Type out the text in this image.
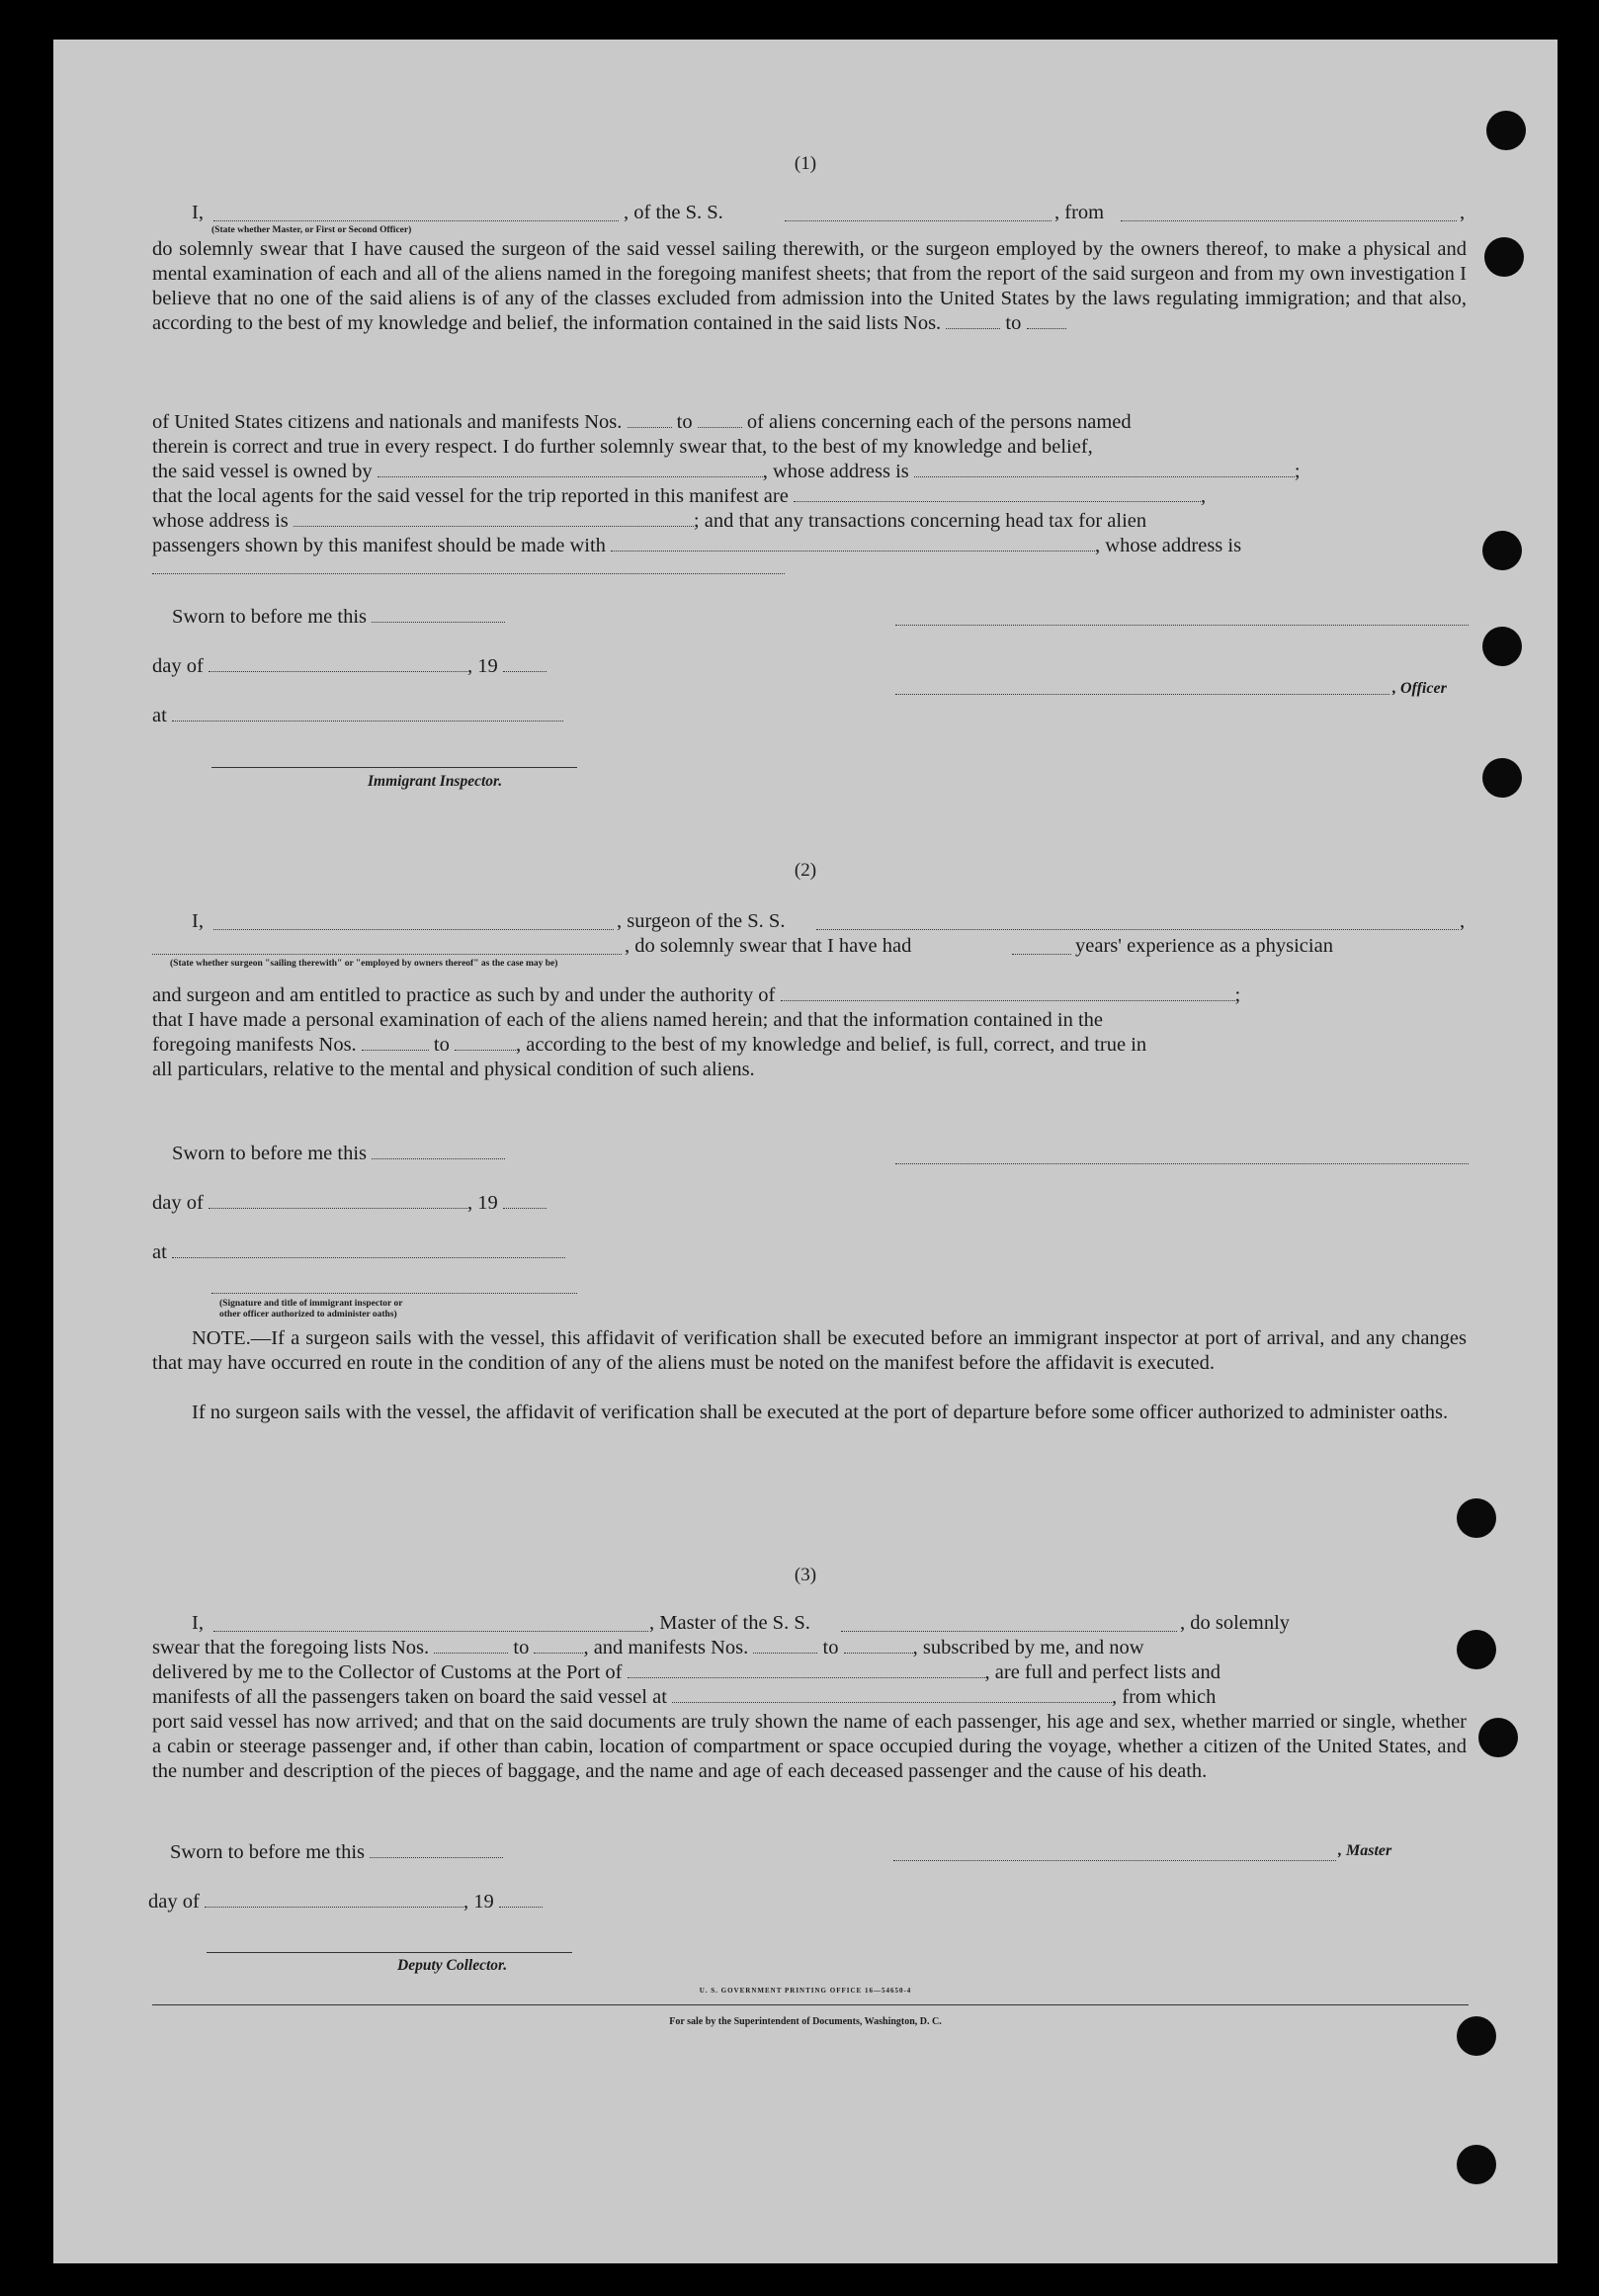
(1)
I,	, of the S. S.	, from	,
(State whether Master, or First or Second Officer)
do solemnly swear that I have caused the surgeon of the said vessel sailing therewith, or the surgeon employed by the owners thereof, to make a physical and mental examination of each and all of the aliens named in the foregoing manifest sheets; that from the report of the said surgeon and from my own investigation I believe that no one of the said aliens is of any of the classes excluded from admission into the United States by the laws regulating immigration; and that also, according to the best of my knowledge and belief, the information contained in the said lists Nos.	to
of United States citizens and nationals and manifests Nos.	to	of aliens concerning each of the persons named
therein is correct and true in every respect. I do further solemnly swear that, to the best of my knowledge and belief,
the said vessel is owned by	, whose address is	;
that the local agents for the said vessel for the trip reported in this manifest are	,
whose address is	; and that any transactions concerning head tax for alien
passengers shown by this manifest should be made with	, whose address is
Sworn to before me this
day of	, 19
, Officer
at
Immigrant Inspector.
(2)
I,	, surgeon of the S. S.	,
, do solemnly swear that I have had	years' experience as a physician
(State whether surgeon "sailing therewith" or "employed by owners thereof" as the case may be)
and surgeon and am entitled to practice as such by and under the authority of	;
that I have made a personal examination of each of the aliens named herein; and that the information contained in the
foregoing manifests Nos.	to	, according to the best of my knowledge and belief, is full, correct, and true in
all particulars, relative to the mental and physical condition of such aliens.
Sworn to before me this
day of	, 19
at
(Signature and title of immigrant inspector or
other officer authorized to administer oaths)
NOTE.—If a surgeon sails with the vessel, this affidavit of verification shall be executed before an immigrant inspector at port of arrival, and any changes that may have occurred en route in the condition of any of the aliens must be noted on the manifest before the affidavit is executed.
If no surgeon sails with the vessel, the affidavit of verification shall be executed at the port of departure before some officer authorized to administer oaths.
(3)
I,	, Master of the S. S.	, do solemnly
swear that the foregoing lists Nos.	to	, and manifests Nos.	to	, subscribed by me, and now
delivered by me to the Collector of Customs at the Port of	, are full and perfect lists and
manifests of all the passengers taken on board the said vessel at	, from which
port said vessel has now arrived; and that on the said documents are truly shown the name of each passenger, his age and sex, whether married or single, whether a cabin or steerage passenger and, if other than cabin, location of compartment or space occupied during the voyage, whether a citizen of the United States, and the number and description of the pieces of baggage, and the name and age of each deceased passenger and the cause of his death.
Sworn to before me this	, Master
day of	, 19
Deputy Collector.
U. S. GOVERNMENT PRINTING OFFICE 16—54650-4
For sale by the Superintendent of Documents, Washington, D. C.
